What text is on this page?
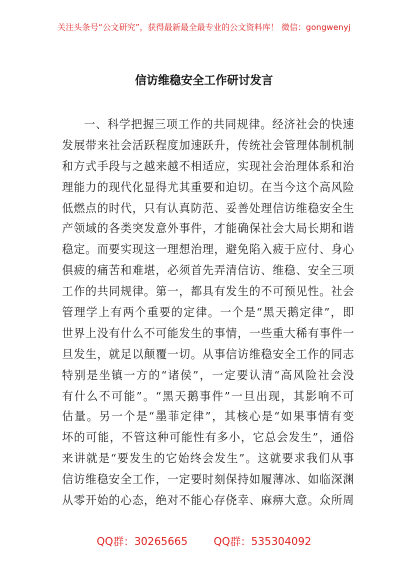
关注头条号“公文研究”，获得最新最全最专业的公文资料库！ 微信：gongwenyj
信访维稳安全工作研讨发言
一、科学把握三项工作的共同规律。经济社会的快速
发展带来社会活跃程度加速跃升，传统社会管理体制机制
和方式手段与之越来越不相适应，实现社会治理体系和治
理能力的现代化显得尤其重要和迫切。在当今这个高风险
低燃点的时代，只有认真防范、妥善处理信访维稳安全生
产领域的各类突发意外事件，才能确保社会大局长期和谐
稳定。而要实现这一理想治理，避免陷入疲于应付、身心
俱疲的痛苦和难堪，必须首先弄清信访、维稳、安全三项
工作的共同规律。第一，都具有发生的不可预见性。社会
管理学上有两个重要的定律。一个是“黑天鹅定律”，即
世界上没有什么不可能发生的事情，一些重大稀有事件一
旦发生，就足以颠覆一切。从事信访维稳安全工作的同志
特别是坐镇一方的“诸侯”，一定要认清“高风险社会没
有什么不可能”。“黑天鹅事件”一旦出现，其影响不可
估量。另一个是“墨菲定律”，其核心是“如果事情有变
坏的可能，不管这种可能性有多小，它总会发生”，通俗
来讲就是“要发生的它始终会发生”。这就要求我们从事
信访维稳安全工作，一定要时刻保持如履薄冰、如临深渊
从零开始的心态，绝对不能心存侥幸、麻痹大意。众所周
QQ群：30265665 QQ群：535304092
